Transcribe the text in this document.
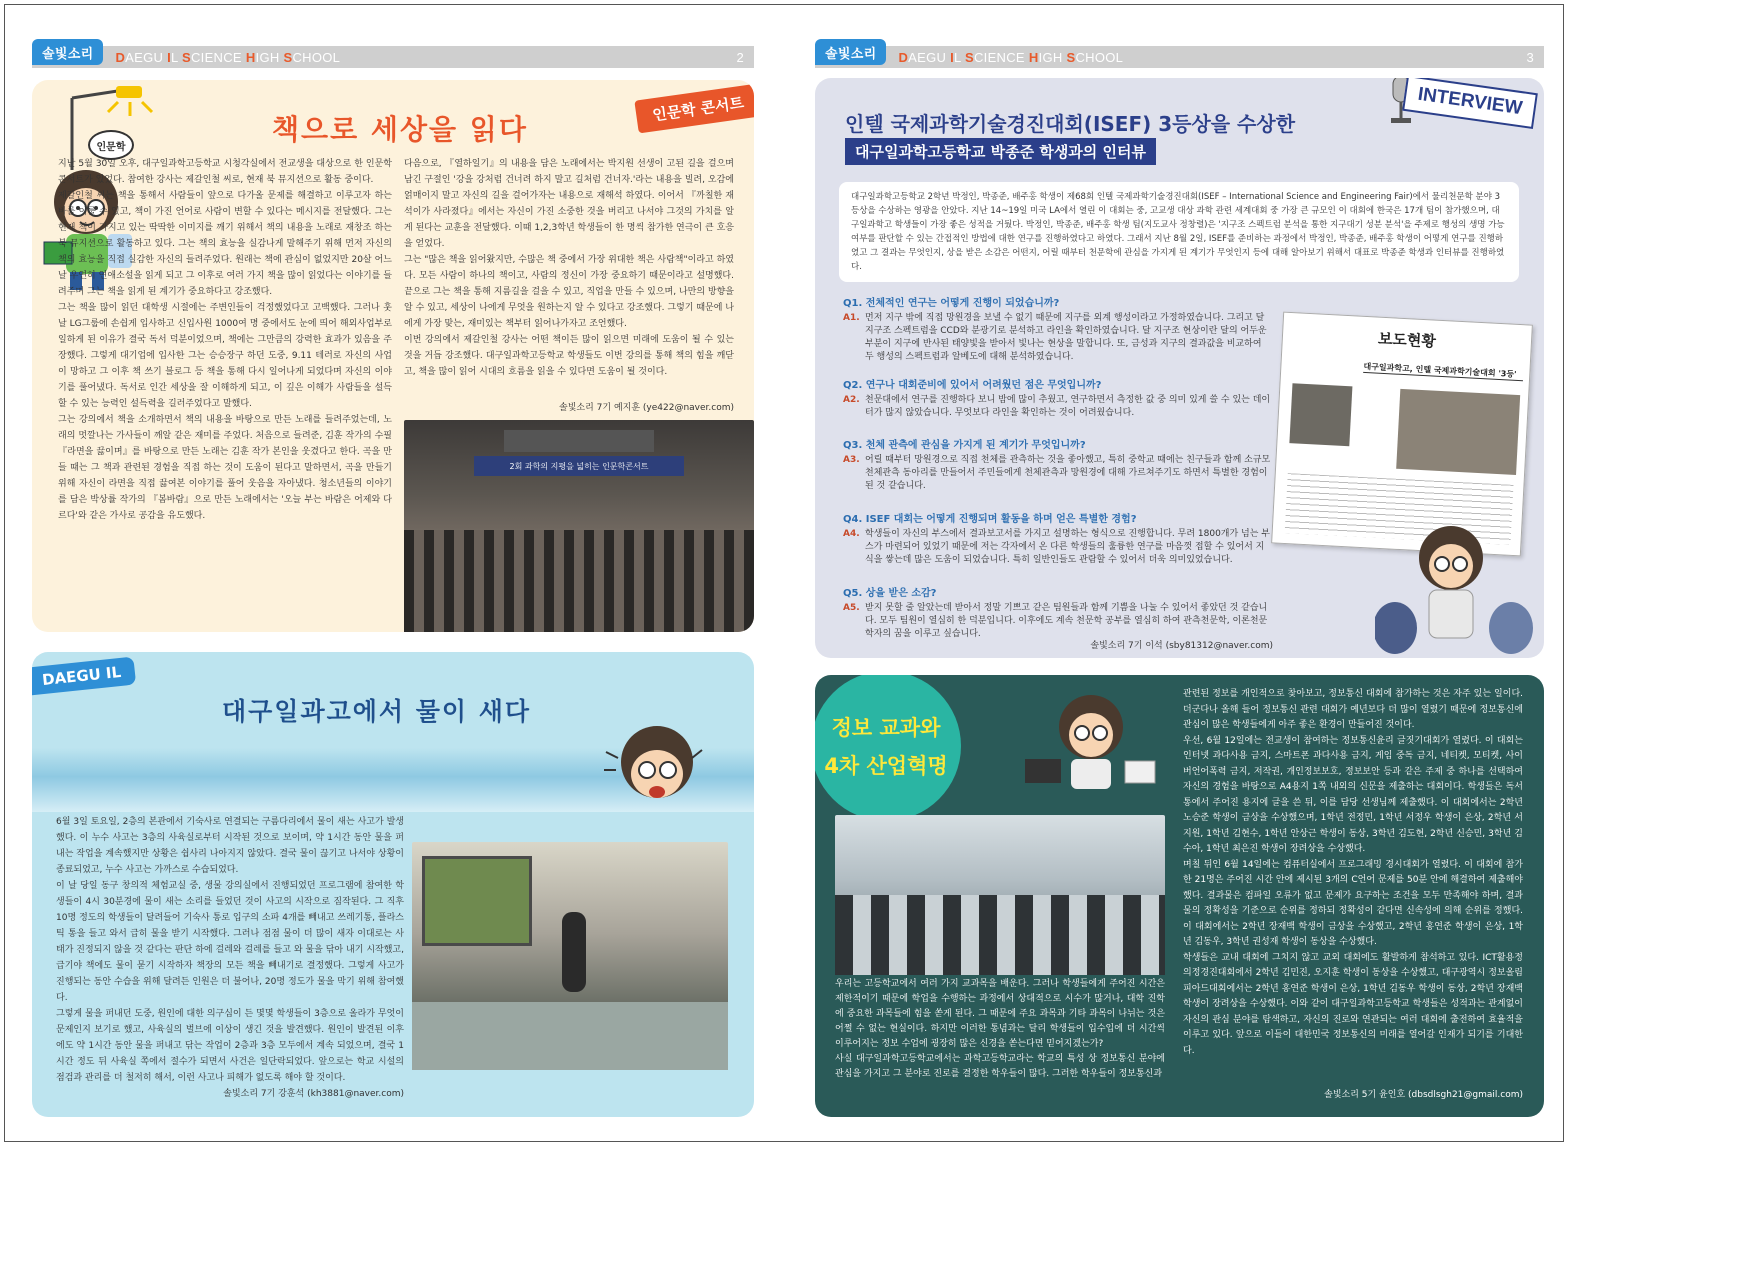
솔빛소리	DAEGU IL SCIENCE HIGH SCHOOL	2	솔빛소리	DAEGU IL SCIENCE HIGH SCHOOL	3
책으로 세상을 읽다
인문학 콘서트
인문학
지난 5월 30일 오후, 대구일과학고등학교 시청각실에서 전교생을 대상으로 한 인문학 콘서트가 있었다. 참여한 강사는 제갈인철 씨로, 현재 북 뮤지션으로 활동 중이다.
제갈인철 씨는 책을 통해서 사람들이 앞으로 다가올 문제를 해결하고 이루고자 하는 바를 이룰 수 있고, 책이 가진 언어로 사람이 변할 수 있다는 메시지를 전달했다. 그는 현재 책이 가지고 있는 딱딱한 이미지를 깨기 위해서 책의 내용을 노래로 재창조 하는 북 뮤지션으로 활동하고 있다. 그는 책의 효능을 실감나게 말해주기 위해 먼저 자신의 책의 효능을 직접 실감한 자신의 들려주었다. 원래는 책에 관심이 없었지만 20살 어느 날 우연히 연애소설을 읽게 되고 그 이후로 여러 가지 책을 많이 읽었다는 이야기를 들려주며 그는 책을 읽게 된 계기가 중요하다고 강조했다.
그는 책을 많이 읽던 대학생 시절에는 주변인들이 걱정했었다고 고백했다. 그러나 훗날 LG그룹에 손쉽게 입사하고 신입사원 1000여 명 중에서도 눈에 띄어 해외사업부로 일하게 된 이유가 결국 독서 덕분이었으며, 책에는 그만큼의 강력한 효과가 있음을 주장했다. 그렇게 대기업에 입사한 그는 승승장구 하던 도중, 9.11 테러로 자신의 사업이 망하고 그 이후 책 쓰기 블로그 등 책을 통해 다시 일어나게 되었다며 자신의 이야기를 풀어냈다. 독서로 인간 세상을 잘 이해하게 되고, 이 깊은 이해가 사람들을 설득할 수 있는 능력인 설득력을 길러주었다고 말했다.
그는 강의에서 책을 소개하면서 책의 내용을 바탕으로 만든 노래를 들려주었는데, 노래의 멋깔나는 가사들이 깨알 같은 재미를 주었다. 처음으로 들려준, 김훈 작가의 수필 『라면을 끓이며』를 바탕으로 만든 노래는 김훈 작가 본인을 웃겼다고 한다. 곡을 만들 때는 그 책과 관련된 경험을 직접 하는 것이 도움이 된다고 말하면서, 곡을 만들기 위해 자신이 라면을 직접 끓여본 이야기를 풀어 웃음을 자아냈다. 청소년들의 이야기를 담은 박상률 작가의 『봄바람』으로 만든 노래에서는 '오늘 부는 바람은 어제와 다르다'와 같은 가사로 공감을 유도했다.
다음으로, 『열하일기』의 내용을 담은 노래에서는 박지원 선생이 고된 길을 걸으며 남긴 구절인 '강을 강처럼 건너려 하지 말고 길처럼 건너자.'라는 내용을 빌려, 오감에 얽매이지 말고 자신의 길을 걸어가자는 내용으로 재해석 하였다. 이어서 『까칠한 재석이가 사라졌다』에서는 자신이 가진 소중한 것을 버리고 나서야 그것의 가치를 알게 된다는 교훈을 전달했다. 이때 1,2,3학년 학생들이 한 명씩 참가한 연극이 큰 호응을 얻었다.
그는 "많은 책을 읽어왔지만, 수많은 책 중에서 가장 위대한 책은 사람책"이라고 하였다. 모든 사람이 하나의 책이고, 사람의 정신이 가장 중요하기 때문이라고 설명했다. 끝으로 그는 책을 통해 지름길을 걸을 수 있고, 직업을 만들 수 있으며, 나만의 방향을 알 수 있고, 세상이 나에게 무엇을 원하는지 알 수 있다고 강조했다. 그렇기 때문에 나에게 가장 맞는, 재미있는 책부터 읽어나가자고 조언했다.
이번 강의에서 제갈인철 강사는 어떤 책이든 많이 읽으면 미래에 도움이 될 수 있는 것을 거듭 강조했다. 대구일과학고등학교 학생들도 이번 강의를 통해 책의 힘을 깨닫고, 책을 많이 읽어 시대의 흐름을 읽을 수 있다면 도움이 될 것이다.
솔빛소리 7기 예지훈 (ye422@naver.com)
2회 과학의 지평을 넓히는 인문학콘서트
DAEGU IL
대구일과고에서 물이 새다
6월 3일 토요일, 2층의 본관에서 기숙사로 연결되는 구름다리에서 물이 새는 사고가 발생했다. 이 누수 사고는 3층의 사육실로부터 시작된 것으로 보이며, 약 1시간 동안 물을 퍼내는 작업을 계속했지만 상황은 쉽사리 나아지지 않았다. 결국 물이 끊기고 나서야 상황이 종료되었고, 누수 사고는 가까스로 수습되었다.
이 날 당일 동구 창의적 체험교실 중, 생물 강의실에서 진행되었던 프로그램에 참여한 학생들이 4시 30분경에 물이 새는 소리를 들었던 것이 사고의 시작으로 짐작된다. 그 직후 10명 정도의 학생들이 달려들어 기숙사 통로 입구의 소파 4개를 빼내고 쓰레기통, 플라스틱 통을 들고 와서 급히 물을 받기 시작했다. 그러나 점점 물이 더 많이 새자 이대로는 사태가 진정되지 않을 것 같다는 판단 하에 걸레와 걸레를 들고 와 물을 닦아 내기 시작했고, 급기야 책에도 물이 묻기 시작하자 책장의 모든 책을 빼내기로 결정했다. 그렇게 사고가 진행되는 동안 수습을 위해 달려든 인원은 더 불어나, 20명 정도가 물을 막기 위해 참여했다.
그렇게 물을 퍼내던 도중, 원인에 대한 의구심이 든 몇몇 학생들이 3층으로 올라가 무엇이 문제인지 보기로 했고, 사육실의 벌브에 이상이 생긴 것을 발견했다. 원인이 발견된 이후에도 약 1시간 동안 물을 퍼내고 닦는 작업이 2층과 3층 모두에서 계속 되었으며, 결국 1시간 정도 뒤 사육실 쪽에서 절수가 되면서 사건은 일단락되었다. 앞으로는 학교 시설의 점검과 관리를 더 철저히 해서, 이런 사고나 피해가 없도록 해야 할 것이다.
솔빛소리 7기 강훈석 (kh3881@naver.com)
INTERVIEW
인텔 국제과학기술경진대회(ISEF) 3등상을 수상한
대구일과학고등학교 박종준 학생과의 인터뷰
대구일과학고등학교 2학년 박정인, 박종준, 배주홍 학생이 제68회 인텔 국제과학기술경진대회(ISEF – International Science and Engineering Fair)에서 물리천문학 분야 3등상을 수상하는 영광을 안았다. 지난 14~19일 미국 LA에서 열린 이 대회는 중, 고교생 대상 과학 관련 세계대회 중 가장 큰 규모인 이 대회에 한국은 17개 팀이 참가했으며, 대구일과학고 학생들이 가장 좋은 성적을 거뒀다. 박정인, 박종준, 배주홍 학생 팀(지도교사 정창렬)은 '지구조 스펙트럼 분석을 통한 지구대기 성분 분석'을 주제로 행성의 생명 가능 여부를 판단할 수 있는 간접적인 방법에 대한 연구를 진행하였다고 하였다. 그래서 지난 8월 2일, ISEF를 준비하는 과정에서 박정인, 박종준, 배주홍 학생이 어떻게 연구를 진행하였고 그 결과는 무엇인지, 상을 받은 소감은 어떤지, 어릴 때부터 천문학에 관심을 가지게 된 계기가 무엇인지 등에 대해 알아보기 위해서 대표로 박종준 학생과 인터뷰를 진행하였다.
Q1. 전체적인 연구는 어떻게 진행이 되었습니까?
A1. 먼저 지구 밖에 직접 망원경을 보낼 수 없기 때문에 지구를 외계 행성이라고 가정하였습니다. 그리고 달 지구조 스펙트럼을 CCD와 분광기로 분석하고 라인을 확인하였습니다. 달 지구조 현상이란 달의 어두운 부분이 지구에 반사된 태양빛을 받아서 빛나는 현상을 말합니다. 또, 금성과 지구의 결과값을 비교하여 두 행성의 스펙트럼과 알베도에 대해 분석하였습니다.
Q2. 연구나 대회준비에 있어서 어려웠던 점은 무엇입니까?
A2. 천문대에서 연구를 진행하다 보니 밤에 많이 추웠고, 연구하면서 측정한 값 중 의미 있게 쓸 수 있는 데이터가 많지 않았습니다. 무엇보다 라인을 확인하는 것이 어려웠습니다.
Q3. 천체 관측에 관심을 가지게 된 계기가 무엇입니까?
A3. 어릴 때부터 망원경으로 직접 천체를 관측하는 것을 좋아했고, 특히 중학교 때에는 친구들과 함께 소규모 천체관측 동아리를 만들어서 주민들에게 천체관측과 망원경에 대해 가르쳐주기도 하면서 특별한 경험이 된 것 같습니다.
Q4. ISEF 대회는 어떻게 진행되며 활동을 하며 얻은 특별한 경험?
A4. 학생들이 자신의 부스에서 결과보고서를 가지고 설명하는 형식으로 진행합니다. 무려 1800개가 넘는 부스가 마련되어 있었기 때문에 저는 각자에서 온 다른 학생들의 훌륭한 연구를 마음껏 접할 수 있어서 지식을 쌓는데 많은 도움이 되었습니다. 특히 일반인들도 관람할 수 있어서 더욱 의미있었습니다.
Q5. 상을 받은 소감?
A5. 받지 못할 줄 알았는데 받아서 정말 기쁘고 같은 팀원들과 함께 기쁨을 나눌 수 있어서 좋았던 것 같습니다. 모두 팀원이 열심히 한 덕분입니다. 이후에도 계속 천문학 공부를 열심히 하여 관측천문학, 이론천문학자의 꿈을 이루고 싶습니다.
솔빛소리 7기 이석 (sby81312@naver.com)
보도현황
대구일과학고, 인텔 국제과학기술대회 '3등'
정보 교과와
4차 산업혁명
우리는 고등학교에서 여러 가지 교과목을 배운다. 그러나 학생들에게 주어진 시간은 제한적이기 때문에 학업을 수행하는 과정에서 상대적으로 시수가 많거나, 대학 진학에 중요한 과목들에 힘을 쏟게 된다. 그 때문에 주요 과목과 기타 과목이 나뉘는 것은 어쩔 수 없는 현실이다. 하지만 이러한 통념과는 달리 학생들이 입수입에 더 시간씩 이루어지는 정보 수업에 굉장히 많은 신경을 쏟는다면 믿어지겠는가?
사실 대구일과학고등학교에서는 과학고등학교라는 학교의 특성 상 정보통신 분야에 관심을 가지고 그 분야로 진로를 결정한 학우들이 많다. 그러한 학우들이 정보통신과
관련된 정보를 개인적으로 찾아보고, 정보통신 대회에 참가하는 것은 자주 있는 일이다. 더군다나 올해 들어 정보통신 관련 대회가 예년보다 더 많이 열렸기 때문에 정보통신에 관심이 많은 학생들에게 아주 좋은 환경이 만들어진 것이다.
우선, 6월 12일에는 전교생이 참여하는 정보통신윤리 글짓기대회가 열렸다. 이 대회는 인터넷 과다사용 금지, 스마트폰 과다사용 금지, 게임 중독 금지, 네티켓, 모티켓, 사이버언어폭력 금지, 저작권, 개인정보보호, 정보보안 등과 같은 주제 중 하나를 선택하여 자신의 경험을 바탕으로 A4용지 1쪽 내외의 신문을 제출하는 대회이다. 학생들은 독서통에서 주어진 용지에 글을 쓴 뒤, 이를 담당 선생님께 제출했다. 이 대회에서는 2학년 노승준 학생이 금상을 수상했으며, 1학년 전정민, 1학년 서정우 학생이 은상, 2학년 서지원, 1학년 김현수, 1학년 안상근 학생이 동상, 3학년 김도현, 2학년 신승민, 3학년 김수아, 1학년 최은진 학생이 장려상을 수상했다.
며칠 뒤인 6월 14일에는 컴퓨터실에서 프로그래밍 경시대회가 열렸다. 이 대회에 참가한 21명은 주어진 시간 안에 제시된 3개의 C언어 문제를 50분 안에 해결하여 제출해야 했다. 결과물은 컴파일 오류가 없고 문제가 요구하는 조건을 모두 만족해야 하며, 결과물의 정확성을 기준으로 순위를 정하되 정확성이 같다면 신속성에 의해 순위를 정했다. 이 대회에서는 2학년 장재백 학생이 금상을 수상했고, 2학년 홍연준 학생이 은상, 1학년 김동우, 3학년 권성재 학생이 동상을 수상했다.
학생들은 교내 대회에 그치지 않고 교외 대회에도 활발하게 참석하고 있다. ICT활용정의정경진대회에서 2학년 김민진, 오지훈 학생이 동상을 수상했고, 대구광역시 정보올림피아드대회에서는 2학년 홍연준 학생이 은상, 1학년 김동우 학생이 동상, 2학년 장재백 학생이 장려상을 수상했다. 이와 같이 대구일과학고등학교 학생들은 성적과는 관계없이 자신의 관심 분야를 탐색하고, 자신의 진로와 연관되는 여러 대회에 출전하여 효율적을 이루고 있다. 앞으로 이들이 대한민국 정보통신의 미래를 열어갈 인재가 되기를 기대한다.
솔빛소리 5기 윤인호 (dbsdlsgh21@gmail.com)
